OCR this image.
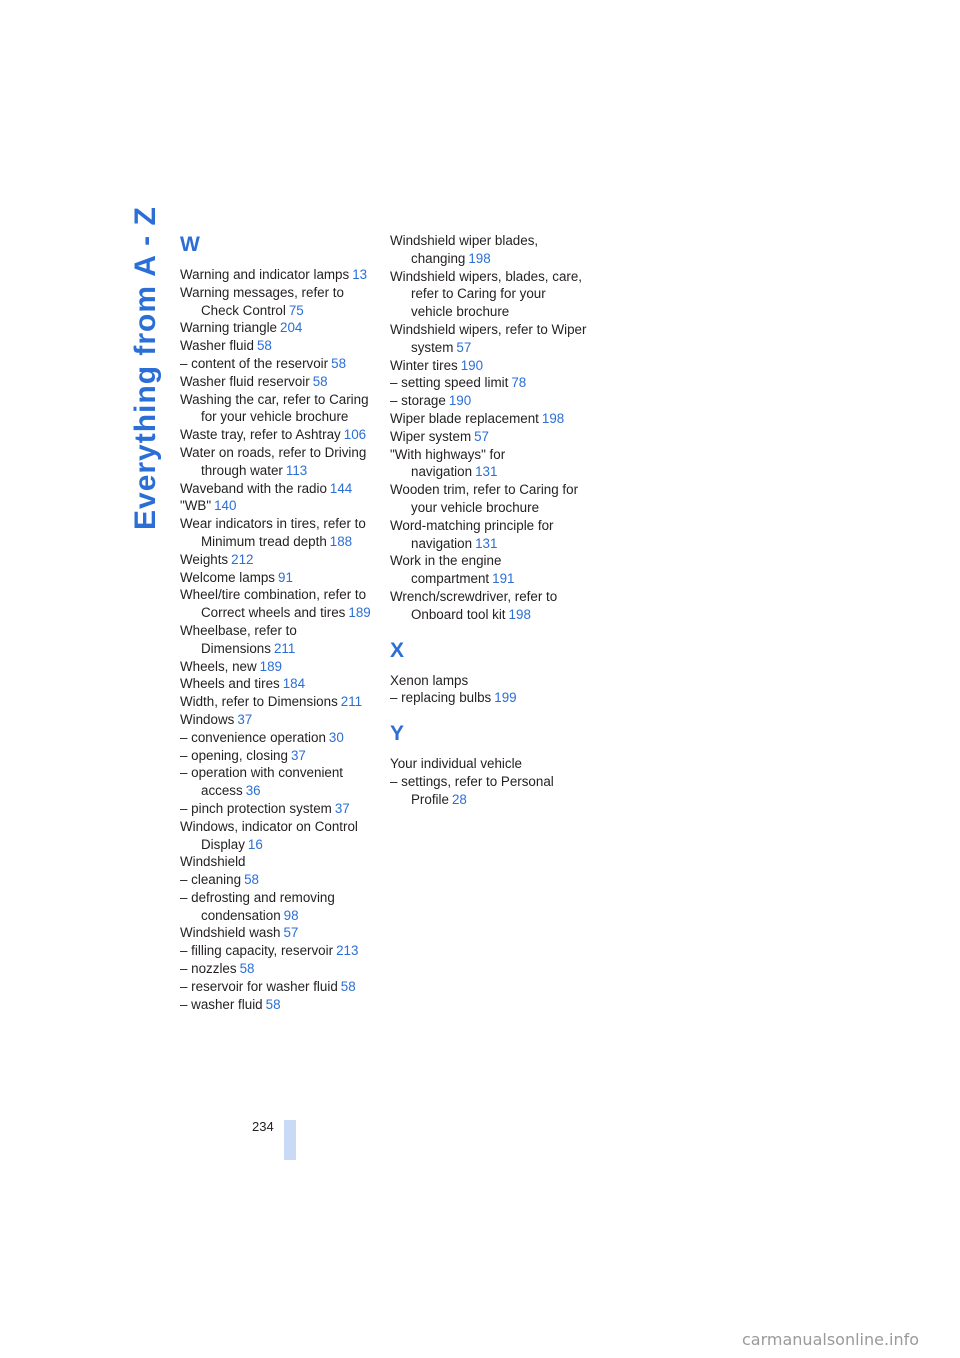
Everything from A - Z W
Warning and indicator lamps 13
Warning messages, refer to Check Control 75
Warning triangle 204
Washer fluid 58
– content of the reservoir 58
Washer fluid reservoir 58
Washing the car, refer to Caring for your vehicle brochure
Waste tray, refer to Ashtray 106
Water on roads, refer to Driving through water 113
Waveband with the radio 144
"WB" 140
Wear indicators in tires, refer to Minimum tread depth 188
Weights 212
Welcome lamps 91
Wheel/tire combination, refer to Correct wheels and tires 189
Wheelbase, refer to Dimensions 211
Wheels, new 189
Wheels and tires 184
Width, refer to Dimensions 211
Windows 37
– convenience operation 30
– opening, closing 37
– operation with convenient access 36
– pinch protection system 37
Windows, indicator on Control Display 16
Windshield
– cleaning 58
– defrosting and removing condensation 98
Windshield wash 57
– filling capacity, reservoir 213
– nozzles 58
– reservoir for washer fluid 58
– washer fluid 58
Windshield wiper blades, changing 198
Windshield wipers, blades, care, refer to Caring for your vehicle brochure
Windshield wipers, refer to Wiper system 57
Winter tires 190
– setting speed limit 78
– storage 190
Wiper blade replacement 198
Wiper system 57
"With highways" for navigation 131
Wooden trim, refer to Caring for your vehicle brochure
Word-matching principle for navigation 131
Work in the engine compartment 191
Wrench/screwdriver, refer to Onboard tool kit 198
X
Xenon lamps
– replacing bulbs 199
Y
Your individual vehicle
– settings, refer to Personal Profile 28
234
carmanualsonline.info
